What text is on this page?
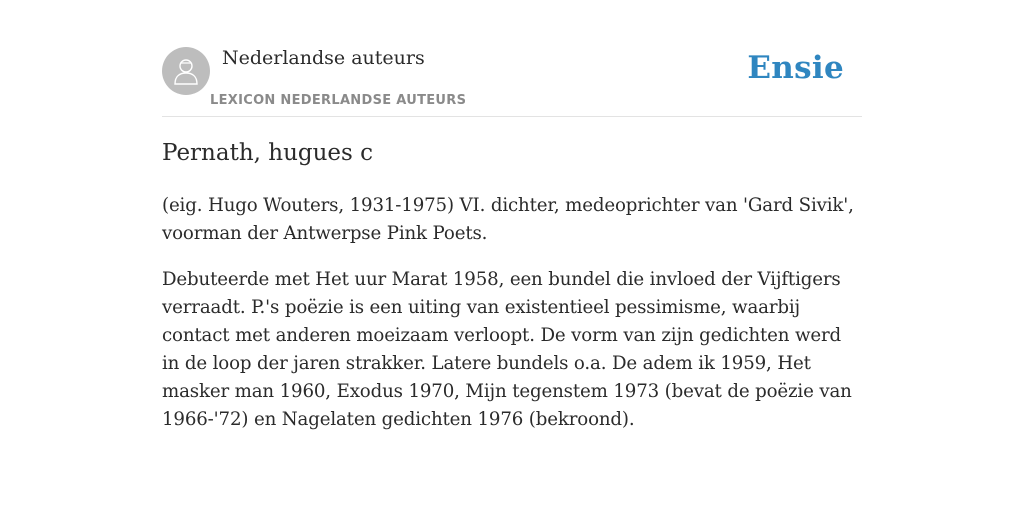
Nederlandse auteurs
LEXICON NEDERLANDSE AUTEURS
Ensie
Pernath, hugues c

(eig. Hugo Wouters, 1931-1975) VI. dichter, medeoprichter van 'Gard Sivik', voorman der Antwerpse Pink Poets.

Debuteerde met Het uur Marat 1958, een bundel die invloed der Vijftigers verraadt. P.'s poëzie is een uiting van existentieel pessimisme, waarbij contact met anderen moeizaam verloopt. De vorm van zijn gedichten werd in de loop der jaren strakker. Latere bundels o.a. De adem ik 1959, Het masker man 1960, Exodus 1970, Mijn tegenstem 1973 (bevat de poëzie van 1966-'72) en Nagelaten gedichten 1976 (bekroond).
